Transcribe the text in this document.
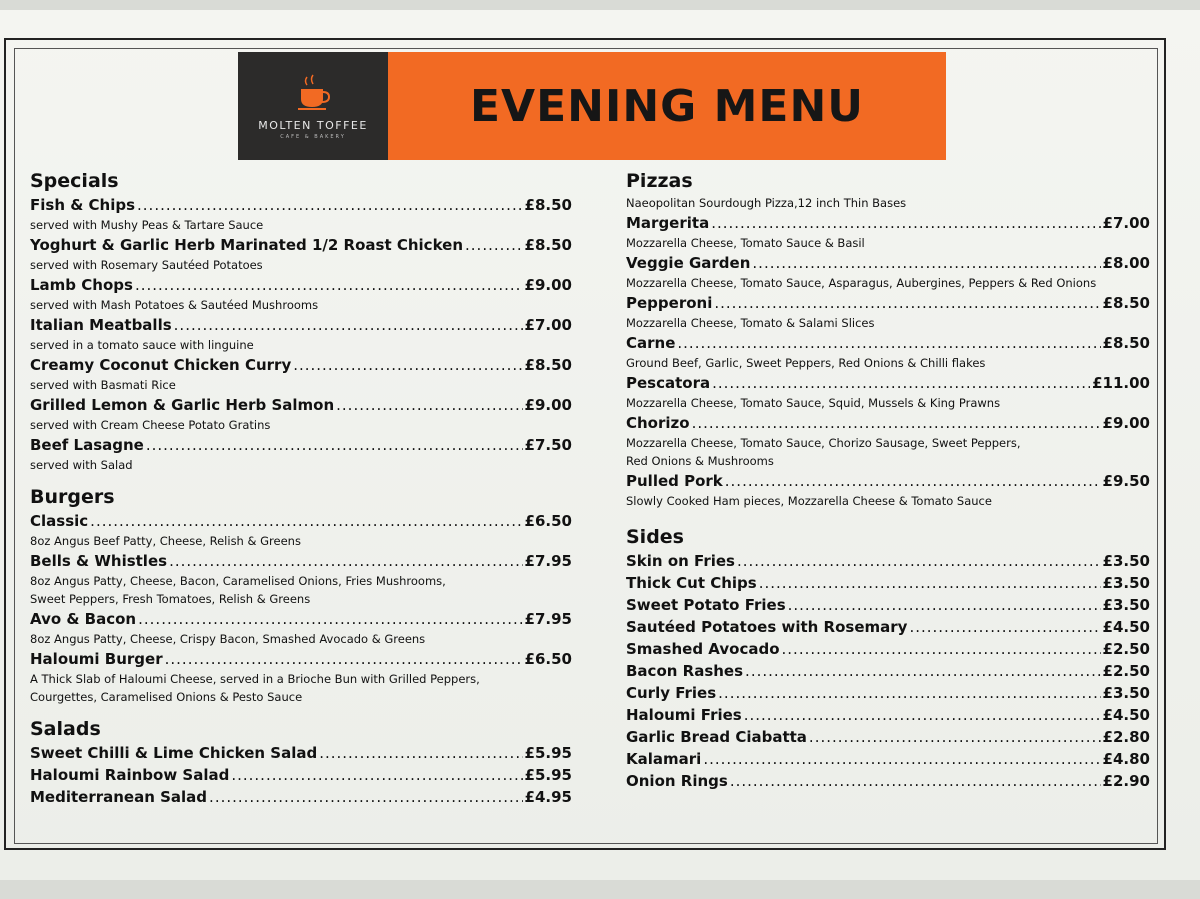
MOLTEN TOFFEE
CAFE & BAKERY
EVENING MENU
Specials
Fish & Chips .....	£8.50
served with Mushy Peas & Tartare Sauce
Yoghurt & Garlic Herb Marinated 1/2 Roast Chicken .....	£8.50
served with Rosemary Sautéed Potatoes
Lamb Chops .....	£9.00
served with Mash Potatoes & Sautéed Mushrooms
Italian Meatballs .....	£7.00
served in a tomato sauce with linguine
Creamy Coconut Chicken Curry .....	£8.50
served with Basmati Rice
Grilled Lemon & Garlic Herb Salmon .....	£9.00
served with Cream Cheese Potato Gratins
Beef Lasagne .....	£7.50
served with Salad
Burgers
Classic .....	£6.50
8oz Angus Beef Patty, Cheese, Relish & Greens
Bells & Whistles .....	£7.95
8oz Angus Patty, Cheese, Bacon, Caramelised Onions, Fries Mushrooms,
Sweet Peppers, Fresh Tomatoes, Relish & Greens
Avo & Bacon .....	£7.95
8oz Angus Patty, Cheese, Crispy Bacon, Smashed Avocado & Greens
Haloumi Burger .....	£6.50
A Thick Slab of Haloumi Cheese, served in a Brioche Bun with Grilled Peppers,
Courgettes, Caramelised Onions & Pesto Sauce
Salads
Sweet Chilli & Lime Chicken Salad .....	£5.95
Haloumi Rainbow Salad .....	£5.95
Mediterranean Salad .....	£4.95
Pizzas
Naeopolitan Sourdough Pizza,12 inch Thin Bases
Margerita .....	£7.00
Mozzarella Cheese, Tomato Sauce & Basil
Veggie Garden .....	£8.00
Mozzarella Cheese, Tomato Sauce, Asparagus, Aubergines, Peppers & Red Onions
Pepperoni .....	£8.50
Mozzarella Cheese, Tomato & Salami Slices
Carne .....	£8.50
Ground Beef, Garlic, Sweet Peppers, Red Onions & Chilli flakes
Pescatora .....	£11.00
Mozzarella Cheese, Tomato Sauce, Squid, Mussels & King Prawns
Chorizo .....	£9.00
Mozzarella Cheese, Tomato Sauce, Chorizo Sausage, Sweet Peppers,
Red Onions & Mushrooms
Pulled Pork .....	£9.50
Slowly Cooked Ham pieces, Mozzarella Cheese & Tomato Sauce
Sides
Skin on Fries .....	£3.50
Thick Cut Chips .....	£3.50
Sweet Potato Fries .....	£3.50
Sautéed Potatoes with Rosemary .....	£4.50
Smashed Avocado .....	£2.50
Bacon Rashes .....	£2.50
Curly Fries .....	£3.50
Haloumi Fries .....	£4.50
Garlic Bread Ciabatta .....	£2.80
Kalamari .....	£4.80
Onion Rings .....	£2.90
